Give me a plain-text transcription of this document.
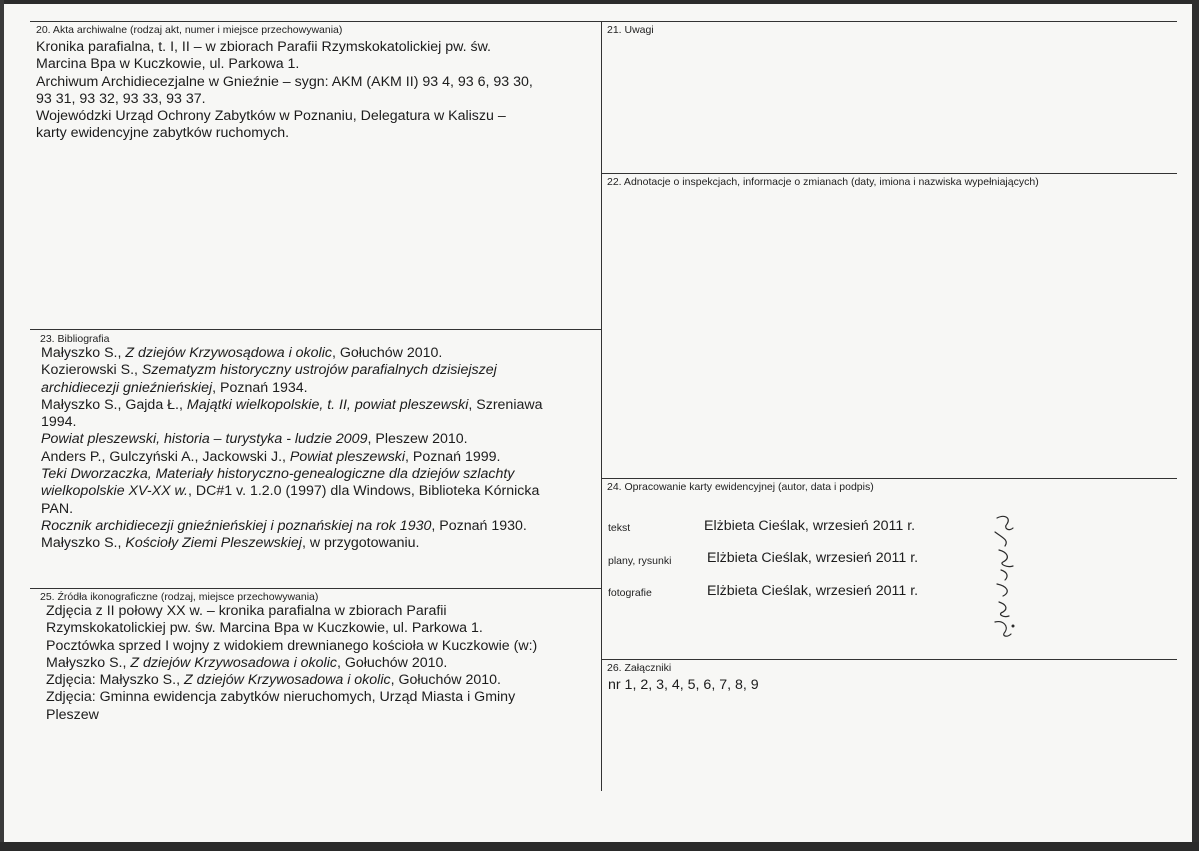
20. Akta archiwalne (rodzaj akt, numer i miejsce przechowywania)
Kronika parafialna, t. I, II – w zbiorach Parafii Rzymskokatolickiej pw. św.
Marcina Bpa w Kuczkowie, ul. Parkowa 1.
Archiwum Archidiecezjalne w Gnieźnie – sygn: AKM (AKM II) 93 4, 93 6, 93 30,
93 31, 93 32, 93 33, 93 37.
Wojewódzki Urząd Ochrony Zabytków w Poznaniu, Delegatura w Kaliszu –
karty ewidencyjne zabytków ruchomych.
21. Uwagi
22. Adnotacje o inspekcjach, informacje o zmianach (daty, imiona i nazwiska wypełniających)
23. Bibliografia
Małyszko S., Z dziejów Krzywosądowa i okolic, Gołuchów 2010.
Kozierowski S., Szematyzm historyczny ustrojów parafialnych dzisiejszej
archidiecezji gnieźnieńskiej, Poznań 1934.
Małyszko S., Gajda Ł., Majątki wielkopolskie, t. II, powiat pleszewski, Szreniawa
1994.
Powiat pleszewski, historia – turystyka - ludzie 2009, Pleszew 2010.
Anders P., Gulczyński A., Jackowski J., Powiat pleszewski, Poznań 1999.
Teki Dworzaczka, Materiały historyczno-genealogiczne dla dziejów szlachty
wielkopolskie XV-XX w., DC#1 v. 1.2.0 (1997) dla Windows, Biblioteka Kórnicka
PAN.
Rocznik archidiecezji gnieźnieńskiej i poznańskiej na rok 1930, Poznań 1930.
Małyszko S., Kościoły Ziemi Pleszewskiej, w przygotowaniu.
24. Opracowanie karty ewidencyjnej (autor, data i podpis)
tekst	Elżbieta Cieślak, wrzesień 2011 r.
plany, rysunki	Elżbieta Cieślak, wrzesień 2011 r.
fotografie	Elżbieta Cieślak, wrzesień 2011 r.
25. Źródła ikonograficzne (rodzaj, miejsce przechowywania)
Zdjęcia z II połowy XX w. – kronika parafialna w zbiorach Parafii
Rzymskokatolickiej pw. św. Marcina Bpa w Kuczkowie, ul. Parkowa 1.
Pocztówka sprzed I wojny z widokiem drewnianego kościoła w Kuczkowie (w:)
Małyszko S., Z dziejów Krzywosadowa i okolic, Gołuchów 2010.
Zdjęcia: Małyszko S., Z dziejów Krzywosadowa i okolic, Gołuchów 2010.
Zdjęcia: Gminna ewidencja zabytków nieruchomych, Urząd Miasta i Gminy
Pleszew
26. Załączniki
nr 1, 2, 3, 4, 5, 6, 7, 8, 9
